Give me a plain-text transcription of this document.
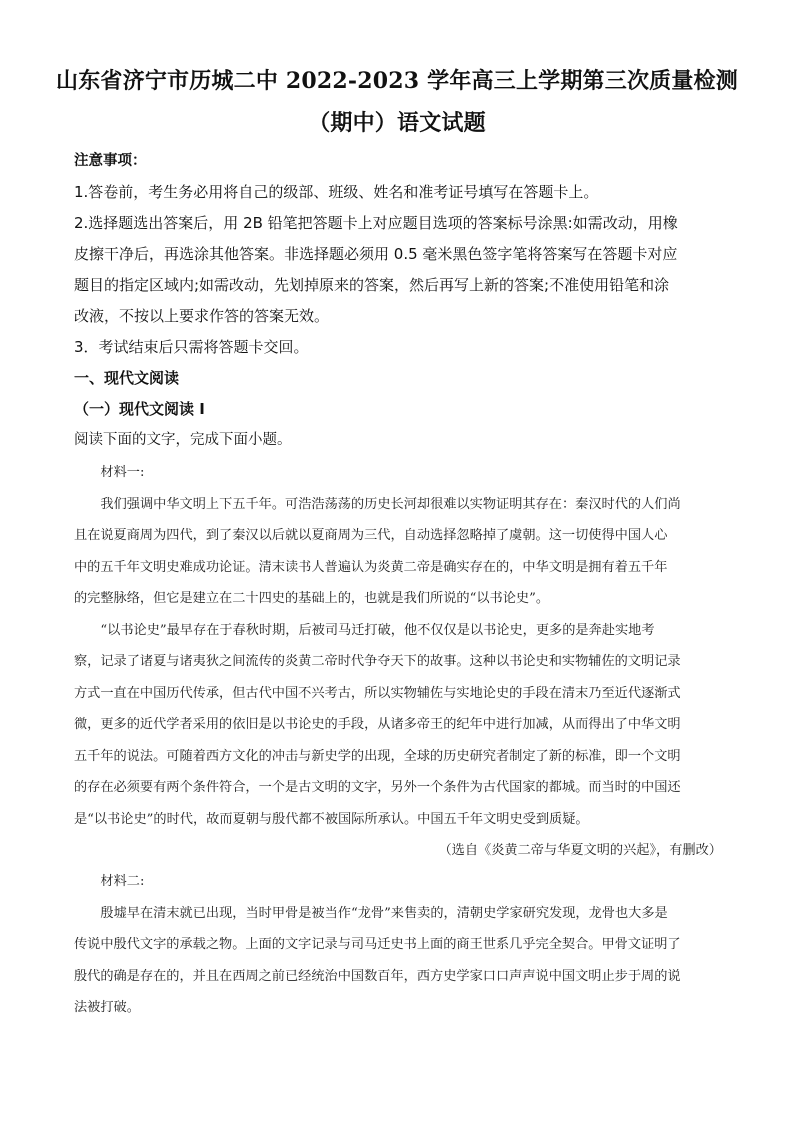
山东省济宁市历城二中 2022-2023 学年高三上学期第三次质量检测
（期中）语文试题

注意事项：

1.答卷前，考生务必用将自己的级部、班级、姓名和准考证号填写在答题卡上。

2.选择题选出答案后，用 2B 铅笔把答题卡上对应题目选项的答案标号涂黑:如需改动，用橡

皮擦干净后，再选涂其他答案。非选择题必须用 0.5 毫米黑色签字笔将答案写在答题卡对应

题目的指定区域内;如需改动，先划掉原来的答案，然后再写上新的答案;不准使用铅笔和涂

改液，不按以上要求作答的答案无效。

3．考试结束后只需将答题卡交回。

一、现代文阅读

（一）现代文阅读 I

阅读下面的文字，完成下面小题。

材料一:

我们强调中华文明上下五千年。可浩浩荡荡的历史长河却很难以实物证明其存在：秦汉时代的人们尚

且在说夏商周为四代，到了秦汉以后就以夏商周为三代，自动选择忽略掉了虞朝。这一切使得中国人心

中的五千年文明史难成功论证。清末读书人普遍认为炎黄二帝是确实存在的，中华文明是拥有着五千年

的完整脉络，但它是建立在二十四史的基础上的，也就是我们所说的“以书论史”。

“以书论史”最早存在于春秋时期，后被司马迁打破，他不仅仅是以书论史，更多的是奔赴实地考

察，记录了诸夏与诸夷狄之间流传的炎黄二帝时代争夺天下的故事。这种以书论史和实物辅佐的文明记录

方式一直在中国历代传承，但古代中国不兴考古，所以实物辅佐与实地论史的手段在清末乃至近代逐渐式

微，更多的近代学者采用的依旧是以书论史的手段，从诸多帝王的纪年中进行加减，从而得出了中华文明

五千年的说法。可随着西方文化的冲击与新史学的出现，全球的历史研究者制定了新的标准，即一个文明

的存在必须要有两个条件符合，一个是古文明的文字，另外一个条件为古代国家的都城。而当时的中国还

是“以书论史”的时代，故而夏朝与殷代都不被国际所承认。中国五千年文明史受到质疑。

（选自《炎黄二帝与华夏文明的兴起》，有删改）

材料二:

殷墟早在清末就已出现，当时甲骨是被当作“龙骨”来售卖的，清朝史学家研究发现，龙骨也大多是

传说中殷代文字的承载之物。上面的文字记录与司马迁史书上面的商王世系几乎完全契合。甲骨文证明了

殷代的确是存在的，并且在西周之前已经统治中国数百年，西方史学家口口声声说中国文明止步于周的说

法被打破。
